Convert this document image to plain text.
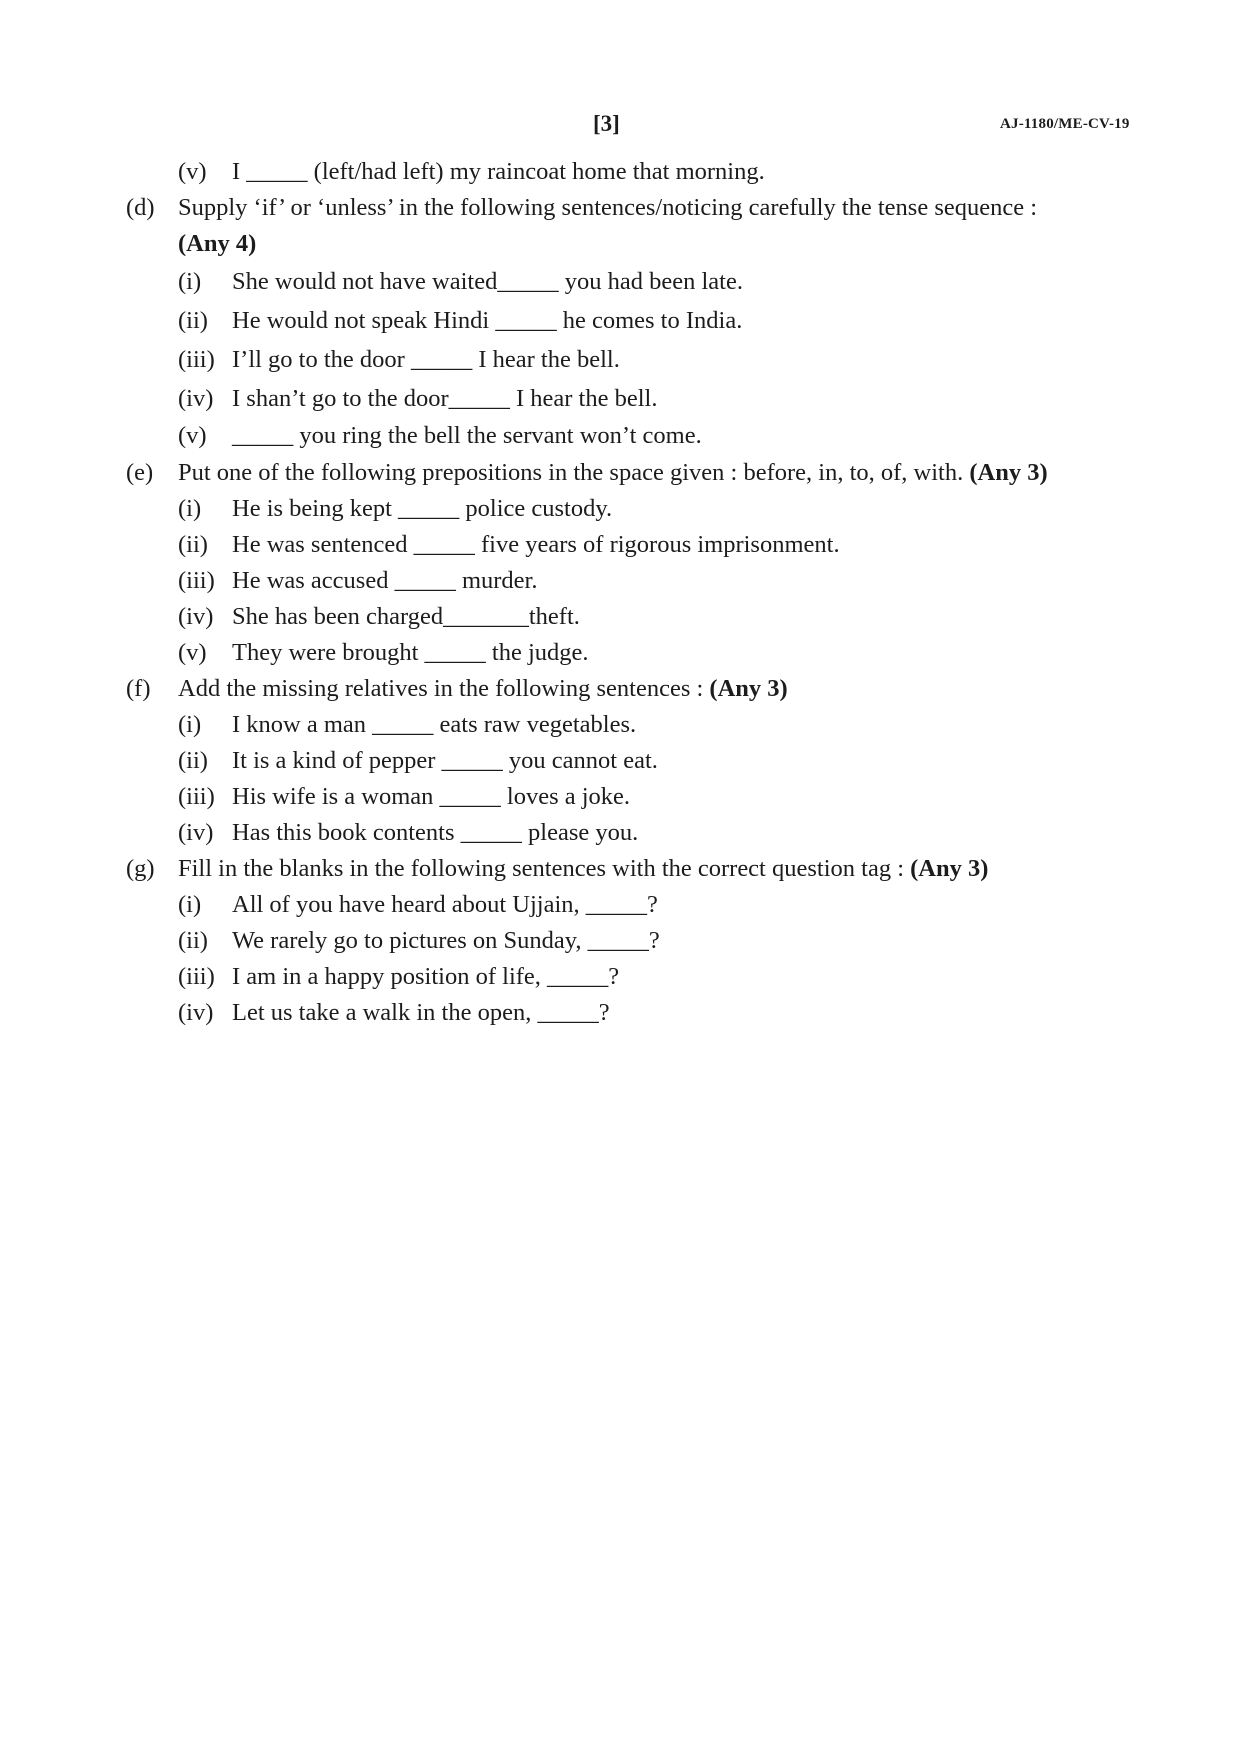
[3]	AJ-1180/ME-CV-19
(v) I _____ (left/had left) my raincoat home that morning.
(d) Supply ‘if’ or ‘unless’ in the following sentences/noticing carefully the tense sequence :
(Any 4)
(i) She would not have waited_____ you had been late.
(ii) He would not speak Hindi _____ he comes to India.
(iii) I’ll go to the door _____ I hear the bell.
(iv) I shan’t go to the door_____ I hear the bell.
(v) _____ you ring the bell the servant won’t come.
(e) Put one of the following prepositions in the space given : before, in, to, of, with. (Any 3)
(i) He is being kept _____ police custody.
(ii) He was sentenced _____ five years of rigorous imprisonment.
(iii) He was accused _____ murder.
(iv) She has been charged_______theft.
(v) They were brought _____ the judge.
(f) Add the missing relatives in the following sentences : (Any 3)
(i) I know a man _____ eats raw vegetables.
(ii) It is a kind of pepper _____ you cannot eat.
(iii) His wife is a woman _____ loves a joke.
(iv) Has this book contents _____ please you.
(g) Fill in the blanks in the following sentences with the correct question tag : (Any 3)
(i) All of you have heard about Ujjain, _____?
(ii) We rarely go to pictures on Sunday, _____?
(iii) I am in a happy position of life, _____?
(iv) Let us take a walk in the open, _____?
